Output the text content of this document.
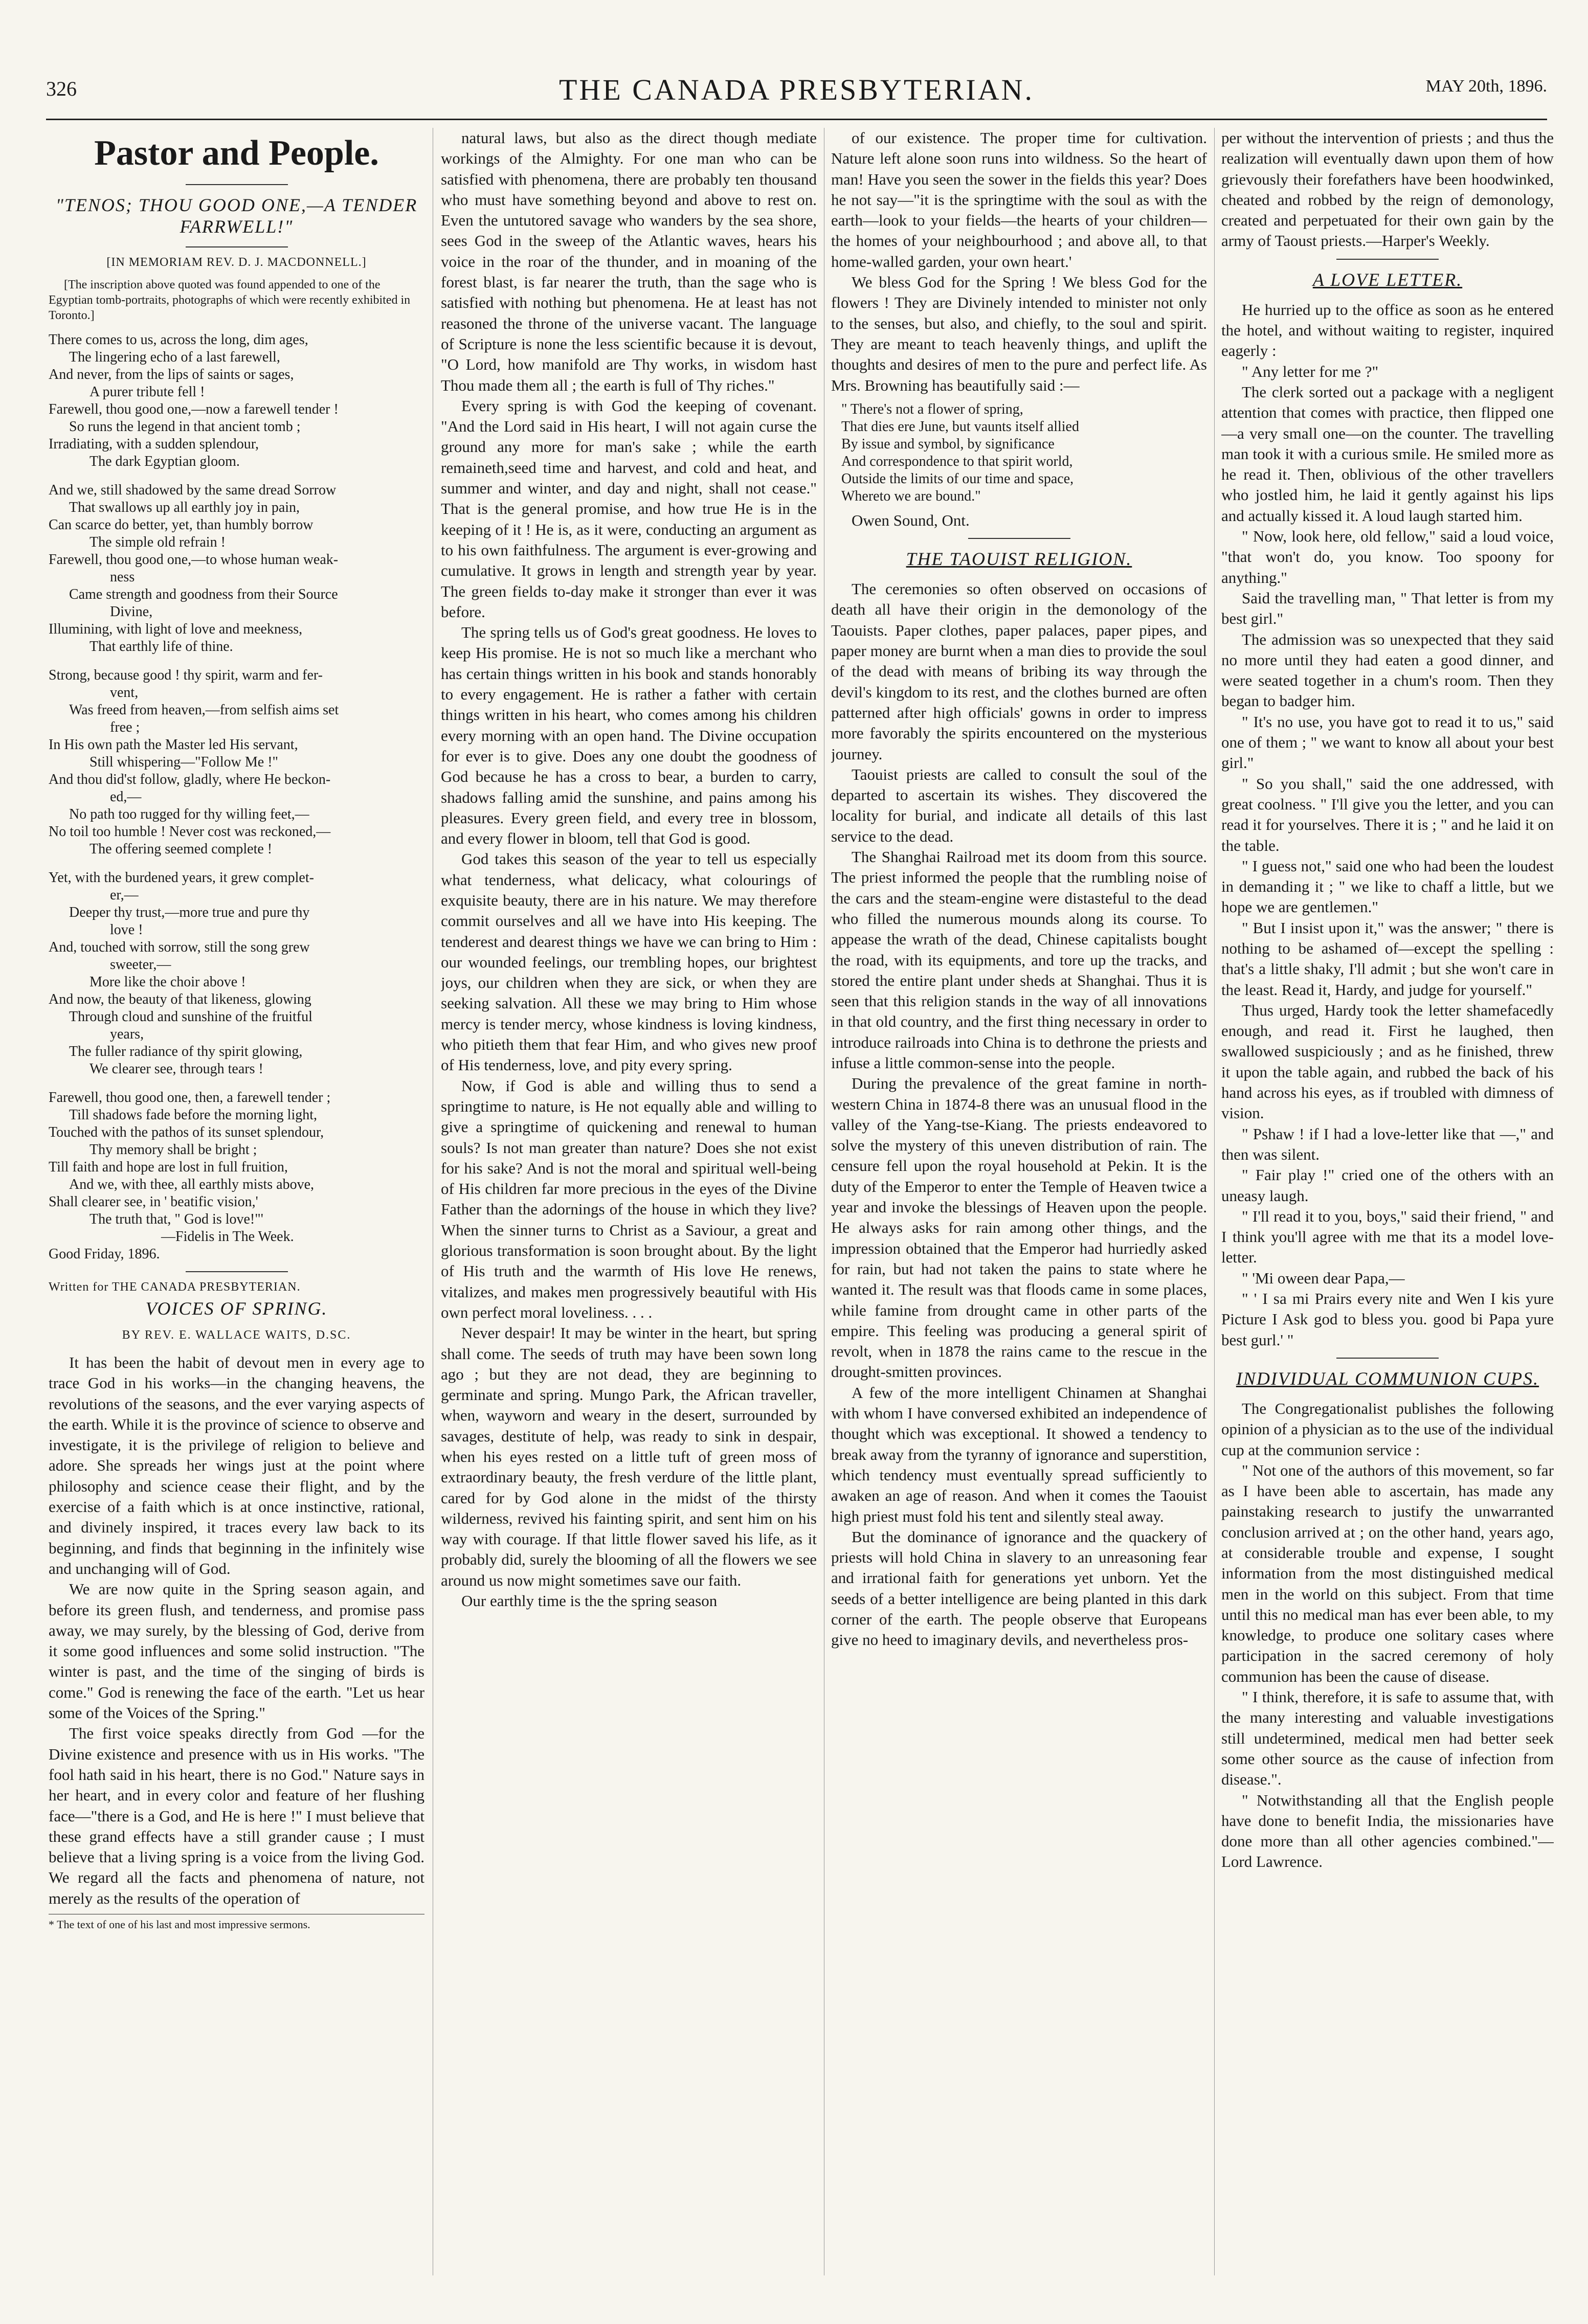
326	THE CANADA PRESBYTERIAN.	MAY 20th, 1896.
Pastor and People.
"TENOS; THOU GOOD ONE,—A TENDER FARRWELL!"
[IN MEMORIAM REV. D. J. MACDONNELL.]
[The inscription above quoted was found appended to one of the Egyptian tomb-portraits, photographs of which were recently exhibited in Toronto.]
There comes to us, across the long, dim ages,
The lingering echo of a last farewell,
And never, from the lips of saints or sages,
A purer tribute fell !
Farewell, thou good one,—now a farewell tender !
So runs the legend in that ancient tomb ;
Irradiating, with a sudden splendour,
The dark Egyptian gloom.
And we, still shadowed by the same dread Sorrow
That swallows up all earthly joy in pain,
Can scarce do better, yet, than humbly borrow
The simple old refrain !
Farewell, thou good one,—to whose human weak-
ness
Came strength and goodness from their Source
Divine,
Illumining, with light of love and meekness,
That earthly life of thine.
Strong, because good ! thy spirit, warm and fer-
vent,
Was freed from heaven,—from selfish aims set
free ;
In His own path the Master led His servant,
Still whispering—"Follow Me !"
And thou did'st follow, gladly, where He beckon-
ed,—
No path too rugged for thy willing feet,—
No toil too humble ! Never cost was reckoned,—
The offering seemed complete !
Yet, with the burdened years, it grew complet-
er,—
Deeper thy trust,—more true and pure thy
love !
And, touched with sorrow, still the song grew
sweeter,—
More like the choir above !
And now, the beauty of that likeness, glowing
Through cloud and sunshine of the fruitful
years,
The fuller radiance of thy spirit glowing,
We clearer see, through tears !
Farewell, thou good one, then, a farewell tender ;
Till shadows fade before the morning light,
Touched with the pathos of its sunset splendour,
Thy memory shall be bright ;
Till faith and hope are lost in full fruition,
And we, with thee, all earthly mists above,
Shall clearer see, in ' beatific vision,'
The truth that, " God is love!"'
—Fidelis in The Week.
Good Friday, 1896.
Written for THE CANADA PRESBYTERIAN.
VOICES OF SPRING.
BY REV. E. WALLACE WAITS, D.SC.

It has been the habit of devout men in every age to trace God in his works—in the changing heavens, the revolutions of the seasons, and the ever varying aspects of the earth. While it is the province of science to observe and investigate, it is the privilege of religion to believe and adore. She spreads her wings just at the point where philosophy and science cease their flight, and by the exercise of a faith which is at once instinctive, rational, and divinely inspired, it traces every law back to its beginning, and finds that beginning in the infinitely wise and unchanging will of God.

We are now quite in the Spring season again, and before its green flush, and tenderness, and promise pass away, we may surely, by the blessing of God, derive from it some good influences and some solid instruction. "The winter is past, and the time of the singing of birds is come." God is renewing the face of the earth. "Let us hear some of the Voices of the Spring."

The first voice speaks directly from God —for the Divine existence and presence with us in His works. "The fool hath said in his heart, there is no God." Nature says in her heart, and in every color and feature of her flushing face—"there is a God, and He is here !" I must believe that these grand effects have a still grander cause ; I must believe that a living spring is a voice from the living God. We regard all the facts and phenomena of nature, not merely as the results of the operation of

* The text of one of his last and most impressive sermons.

natural laws, but also as the direct though mediate workings of the Almighty. For one man who can be satisfied with phenomena, there are probably ten thousand who must have something beyond and above to rest on. Even the untutored savage who wanders by the sea shore, sees God in the sweep of the Atlantic waves, hears his voice in the roar of the thunder, and in moaning of the forest blast, is far nearer the truth, than the sage who is satisfied with nothing but phenomena. He at least has not reasoned the throne of the universe vacant. The language of Scripture is none the less scientific because it is devout, "O Lord, how manifold are Thy works, in wisdom hast Thou made them all ; the earth is full of Thy riches."

Every spring is with God the keeping of covenant. "And the Lord said in His heart, I will not again curse the ground any more for man's sake ; while the earth remaineth,seed time and harvest, and cold and heat, and summer and winter, and day and night, shall not cease." That is the general promise, and how true He is in the keeping of it ! He is, as it were, conducting an argument as to his own faithfulness. The argument is ever-growing and cumulative. It grows in length and strength year by year. The green fields to-day make it stronger than ever it was before.

The spring tells us of God's great goodness. He loves to keep His promise. He is not so much like a merchant who has certain things written in his book and stands honorably to every engagement. He is rather a father with certain things written in his heart, who comes among his children every morning with an open hand. The Divine occupation for ever is to give. Does any one doubt the goodness of God because he has a cross to bear, a burden to carry, shadows falling amid the sunshine, and pains among his pleasures. Every green field, and every tree in blossom, and every flower in bloom, tell that God is good.

God takes this season of the year to tell us especially what tenderness, what delicacy, what colourings of exquisite beauty, there are in his nature. We may therefore commit ourselves and all we have into His keeping. The tenderest and dearest things we have we can bring to Him : our wounded feelings, our trembling hopes, our brightest joys, our children when they are sick, or when they are seeking salvation. All these we may bring to Him whose mercy is tender mercy, whose kindness is loving kindness, who pitieth them that fear Him, and who gives new proof of His tenderness, love, and pity every spring.

Now, if God is able and willing thus to send a springtime to nature, is He not equally able and willing to give a springtime of quickening and renewal to human souls? Is not man greater than nature? Does she not exist for his sake? And is not the moral and spiritual well-being of His children far more precious in the eyes of the Divine Father than the adornings of the house in which they live? When the sinner turns to Christ as a Saviour, a great and glorious transformation is soon brought about. By the light of His truth and the warmth of His love He renews, vitalizes, and makes men progressively beautiful with His own perfect moral loveliness. . . .

Never despair! It may be winter in the heart, but spring shall come. The seeds of truth may have been sown long ago ; but they are not dead, they are beginning to germinate and spring. Mungo Park, the African traveller, when, wayworn and weary in the desert, surrounded by savages, destitute of help, was ready to sink in despair, when his eyes rested on a little tuft of green moss of extraordinary beauty, the fresh verdure of the little plant, cared for by God alone in the midst of the thirsty wilderness, revived his fainting spirit, and sent him on his way with courage. If that little flower saved his life, as it probably did, surely the blooming of all the flowers we see around us now might sometimes save our faith.

Our earthly time is the the spring season

of our existence. The proper time for cultivation. Nature left alone soon runs into wildness. So the heart of man! Have you seen the sower in the fields this year? Does he not say—"it is the springtime with the soul as with the earth—look to your fields—the hearts of your children—the homes of your neighbourhood ; and above all, to that home-walled garden, your own heart.'

We bless God for the Spring ! We bless God for the flowers ! They are Divinely intended to minister not only to the senses, but also, and chiefly, to the soul and spirit. They are meant to teach heavenly things, and uplift the thoughts and desires of men to the pure and perfect life. As Mrs. Browning has beautifully said :—

" There's not a flower of spring,
That dies ere June, but vaunts itself allied
By issue and symbol, by significance
And correspondence to that spirit world,
Outside the limits of our time and space,
Whereto we are bound."

Owen Sound, Ont.

THE TAOUIST RELIGION.

The ceremonies so often observed on occasions of death all have their origin in the demonology of the Taouists. Paper clothes, paper palaces, paper pipes, and paper money are burnt when a man dies to provide the soul of the dead with means of bribing its way through the devil's kingdom to its rest, and the clothes burned are often patterned after high officials' gowns in order to impress more favorably the spirits encountered on the mysterious journey.

Taouist priests are called to consult the soul of the departed to ascertain its wishes. They discovered the locality for burial, and indicate all details of this last service to the dead.

The Shanghai Railroad met its doom from this source. The priest informed the people that the rumbling noise of the cars and the steam-engine were distasteful to the dead who filled the numerous mounds along its course. To appease the wrath of the dead, Chinese capitalists bought the road, with its equipments, and tore up the tracks, and stored the entire plant under sheds at Shanghai. Thus it is seen that this religion stands in the way of all innovations in that old country, and the first thing necessary in order to introduce railroads into China is to dethrone the priests and infuse a little common-sense into the people.

During the prevalence of the great famine in north-western China in 1874-8 there was an unusual flood in the valley of the Yang-tse-Kiang. The priests endeavored to solve the mystery of this uneven distribution of rain. The censure fell upon the royal household at Pekin. It is the duty of the Emperor to enter the Temple of Heaven twice a year and invoke the blessings of Heaven upon the people. He always asks for rain among other things, and the impression obtained that the Emperor had hurriedly asked for rain, but had not taken the pains to state where he wanted it. The result was that floods came in some places, while famine from drought came in other parts of the empire. This feeling was producing a general spirit of revolt, when in 1878 the rains came to the rescue in the drought-smitten provinces.

A few of the more intelligent Chinamen at Shanghai with whom I have conversed exhibited an independence of thought which was exceptional. It showed a tendency to break away from the tyranny of ignorance and superstition, which tendency must eventually spread sufficiently to awaken an age of reason. And when it comes the Taouist high priest must fold his tent and silently steal away.

But the dominance of ignorance and the quackery of priests will hold China in slavery to an unreasoning fear and irrational faith for generations yet unborn. Yet the seeds of a better intelligence are being planted in this dark corner of the earth. The people observe that Europeans give no heed to imaginary devils, and nevertheless pros-

per without the intervention of priests ; and thus the realization will eventually dawn upon them of how grievously their forefathers have been hoodwinked, cheated and robbed by the reign of demonology, created and perpetuated for their own gain by the army of Taoust priests.—Harper's Weekly.

A LOVE LETTER.

He hurried up to the office as soon as he entered the hotel, and without waiting to register, inquired eagerly :

" Any letter for me ?"

The clerk sorted out a package with a negligent attention that comes with practice, then flipped one—a very small one—on the counter. The travelling man took it with a curious smile. He smiled more as he read it. Then, oblivious of the other travellers who jostled him, he laid it gently against his lips and actually kissed it. A loud laugh started him.

" Now, look here, old fellow," said a loud voice, "that won't do, you know. Too spoony for anything."

Said the travelling man, " That letter is from my best girl."

The admission was so unexpected that they said no more until they had eaten a good dinner, and were seated together in a chum's room. Then they began to badger him.

" It's no use, you have got to read it to us," said one of them ; " we want to know all about your best girl."

" So you shall," said the one addressed, with great coolness. " I'll give you the letter, and you can read it for yourselves. There it is ; " and he laid it on the table.

" I guess not," said one who had been the loudest in demanding it ; " we like to chaff a little, but we hope we are gentlemen."

" But I insist upon it," was the answer; " there is nothing to be ashamed of—except the spelling : that's a little shaky, I'll admit ; but she won't care in the least. Read it, Hardy, and judge for yourself."

Thus urged, Hardy took the letter shamefacedly enough, and read it. First he laughed, then swallowed suspiciously ; and as he finished, threw it upon the table again, and rubbed the back of his hand across his eyes, as if troubled with dimness of vision.

" Pshaw ! if I had a love-letter like that —," and then was silent.

" Fair play !" cried one of the others with an uneasy laugh.

" I'll read it to you, boys," said their friend, " and I think you'll agree with me that its a model love-letter.

" 'Mi oween dear Papa,—

" ' I sa mi Prairs every nite and Wen I kis yure Picture I Ask god to bless you. good bi Papa yure best gurl.' "

INDIVIDUAL COMMUNION CUPS.

The Congregationalist publishes the following opinion of a physician as to the use of the individual cup at the communion service :

" Not one of the authors of this movement, so far as I have been able to ascertain, has made any painstaking research to justify the unwarranted conclusion arrived at ; on the other hand, years ago, at considerable trouble and expense, I sought information from the most distinguished medical men in the world on this subject. From that time until this no medical man has ever been able, to my knowledge, to produce one solitary cases where participation in the sacred ceremony of holy communion has been the cause of disease.

" I think, therefore, it is safe to assume that, with the many interesting and valuable investigations still undetermined, medical men had better seek some other source as the cause of infection from disease.".

" Notwithstanding all that the English people have done to benefit India, the missionaries have done more than all other agencies combined."—Lord Lawrence.
